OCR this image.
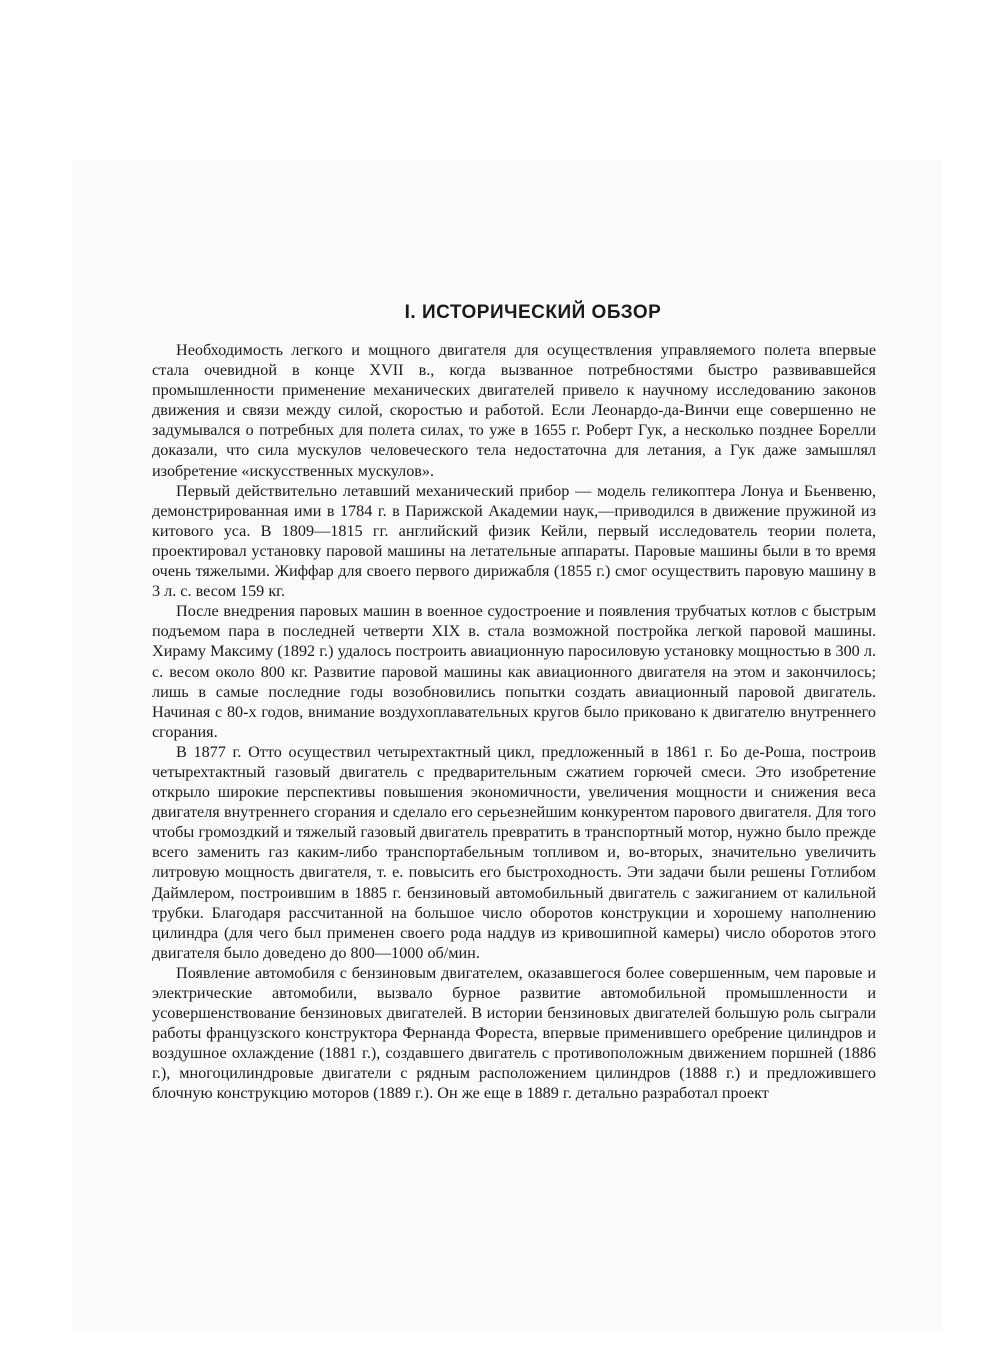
I. ИСТОРИЧЕСКИЙ ОБЗОР

Необходимость легкого и мощного двигателя для осуществления управляемого полета впервые стала очевидной в конце XVII в., когда вызванное потребностями быстро развивавшейся промышленности применение механических двигателей привело к научному исследованию законов движения и связи между силой, скоростью и работой. Если Леонардо-да-Винчи еще совершенно не задумывался о потребных для полета силах, то уже в 1655 г. Роберт Гук, а несколько позднее Борелли доказали, что сила мускулов человеческого тела недостаточна для летания, а Гук даже замышлял изобретение «искусственных мускулов».

Первый действительно летавший механический прибор — модель геликоптера Лонуа и Бьенвеню, демонстрированная ими в 1784 г. в Парижской Академии наук,—приводился в движение пружиной из китового уса. В 1809—1815 гг. английский физик Кейли, первый исследователь теории полета, проектировал установку паровой машины на летательные аппараты. Паровые машины были в то время очень тяжелыми. Жиффар для своего первого дирижабля (1855 г.) смог осуществить паровую машину в 3 л. с. весом 159 кг.

После внедрения паровых машин в военное судостроение и появления трубчатых котлов с быстрым подъемом пара в последней четверти XIX в. стала возможной постройка легкой паровой машины. Хираму Максиму (1892 г.) удалось построить авиационную паросиловую установку мощностью в 300 л. с. весом около 800 кг. Развитие паровой машины как авиационного двигателя на этом и закончилось; лишь в самые последние годы возобновились попытки создать авиационный паровой двигатель. Начиная с 80-х годов, внимание воздухоплавательных кругов было приковано к двигателю внутреннего сгорания.

В 1877 г. Отто осуществил четырехтактный цикл, предложенный в 1861 г. Бо де-Роша, построив четырехтактный газовый двигатель с предварительным сжатием горючей смеси. Это изобретение открыло широкие перспективы повышения экономичности, увеличения мощности и снижения веса двигателя внутреннего сгорания и сделало его серьезнейшим конкурентом парового двигателя. Для того чтобы громоздкий и тяжелый газовый двигатель превратить в транспортный мотор, нужно было прежде всего заменить газ каким-либо транспортабельным топливом и, во-вторых, значительно увеличить литровую мощность двигателя, т. е. повысить его быстроходность. Эти задачи были решены Готлибом Даймлером, построившим в 1885 г. бензиновый автомобильный двигатель с зажиганием от калильной трубки. Благодаря рассчитанной на большое число оборотов конструкции и хорошему наполнению цилиндра (для чего был применен своего рода наддув из кривошипной камеры) число оборотов этого двигателя было доведено до 800—1000 об/мин.

Появление автомобиля с бензиновым двигателем, оказавшегося более совершенным, чем паровые и электрические автомобили, вызвало бурное развитие автомобильной промышленности и усовершенствование бензиновых двигателей. В истории бензиновых двигателей большую роль сыграли работы французского конструктора Фернанда Фореста, впервые применившего оребрение цилиндров и воздушное охлаждение (1881 г.), создавшего двигатель с противоположным движением поршней (1886 г.), многоцилиндровые двигатели с рядным расположением цилиндров (1888 г.) и предложившего блочную конструкцию моторов (1889 г.). Он же еще в 1889 г. детально разработал проект
